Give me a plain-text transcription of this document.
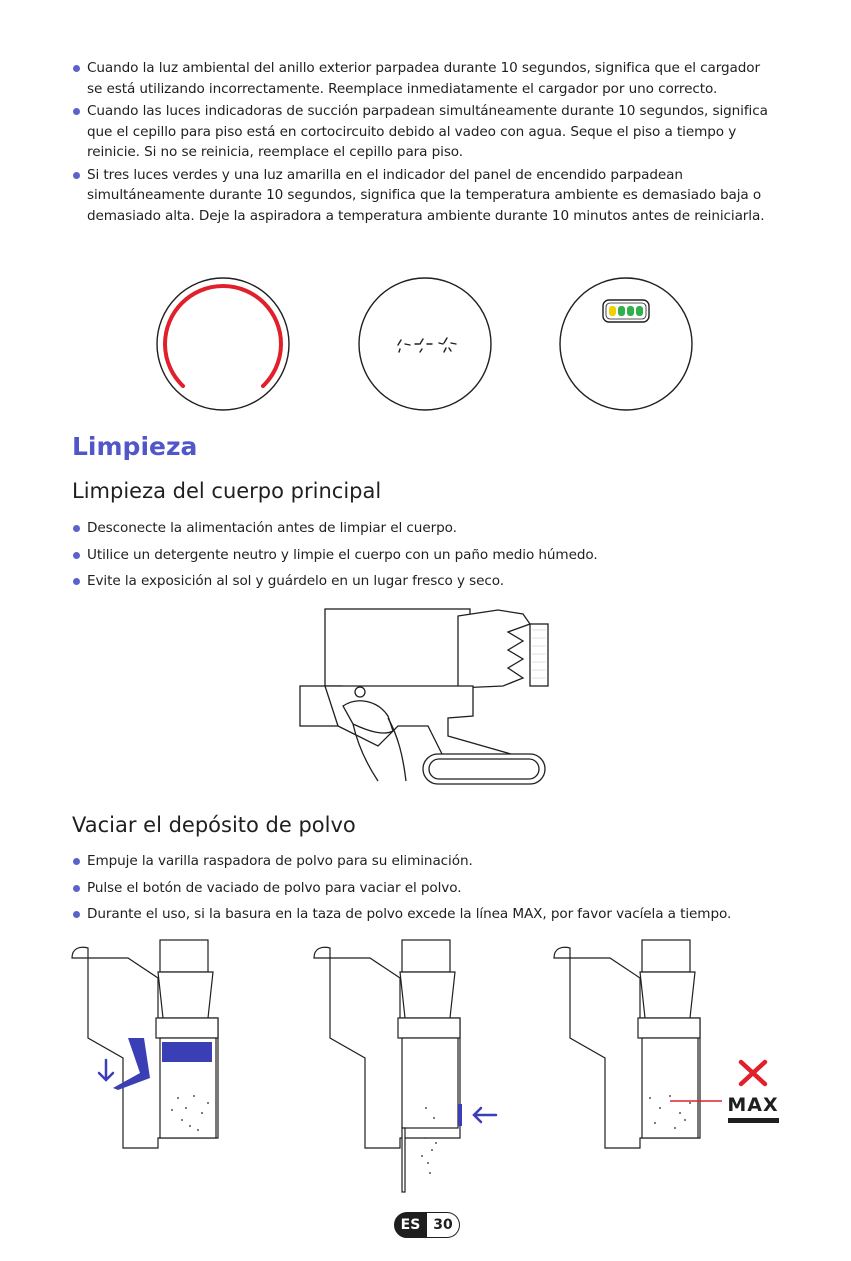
Cuando la luz ambiental del anillo exterior parpadea durante 10 segundos, significa que el cargador se está utilizando incorrectamente. Reemplace inmediatamente el cargador por uno correcto.
Cuando las luces indicadoras de succión parpadean simultáneamente durante 10 segundos, significa que el cepillo para piso está en cortocircuito debido al vadeo con agua. Seque el piso a tiempo y reinicie. Si no se reinicia, reemplace el cepillo para piso.
Si tres luces verdes y una luz amarilla en el indicador del panel de encendido parpadean simultáneamente durante 10 segundos, significa que la temperatura ambiente es demasiado baja o demasiado alta. Deje la aspiradora a temperatura ambiente durante 10 minutos antes de reiniciarla.
Limpieza
Limpieza del cuerpo principal
Desconecte la alimentación antes de limpiar el cuerpo.
Utilice un detergente neutro y limpie el cuerpo con un paño medio húmedo.
Evite la exposición al sol y guárdelo en un lugar fresco y seco.
Vaciar el depósito de polvo
Empuje la varilla raspadora de polvo para su eliminación.
Pulse el botón de vaciado de polvo para vaciar el polvo.
Durante el uso, si la basura en la taza de polvo excede la línea MAX, por favor vacíela a tiempo.
MAX
ES 30
